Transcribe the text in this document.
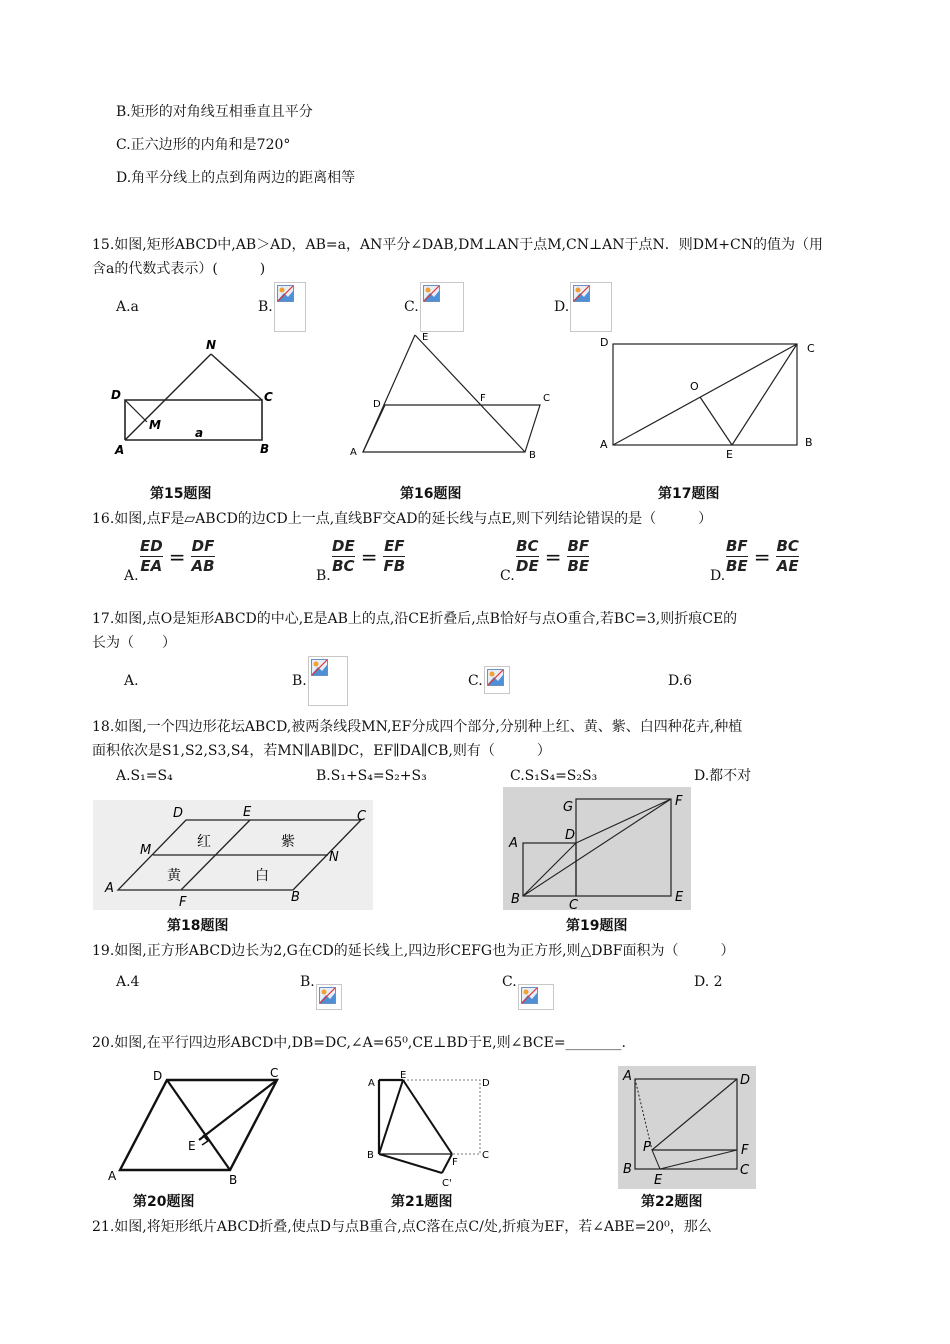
B.矩形的对角线互相垂直且平分
C.正六边形的内角和是720°
D.角平分线上的点到角两边的距离相等
15.如图,矩形ABCD中,AB＞AD，AB=a，AN平分∠DAB,DM⊥AN于点M,CN⊥AN于点N．则DM+CN的值为（用
含a的代数式表示）(　　　)
A.a	B.	C.	D.
N
D	C
M
a
A	B
E
D
F	C
A	B
D	C
O
A	B
E
第15题图	第16题图	第17题图
16.如图,点F是▱ABCD的边CD上一点,直线BF交AD的延长线与点E,则下列结论错误的是（　　　）
A.
ED
EA = DF
AB
B.
DE
BC = EF
FB
C.
BC
DE = BF
BE
D.
BF
BE = BC
AE
17.如图,点O是矩形ABCD的中心,E是AB上的点,沿CE折叠后,点B恰好与点O重合,若BC=3,则折痕CE的
长为（　　）
A.	B.	C.	D.6
18.如图,一个四边形花坛ABCD,被两条线段MN,EF分成四个部分,分别种上红、黄、紫、白四种花卉,种植
面积依次是S1,S2,S3,S4，若MN∥AB∥DC，EF∥DA∥CB,则有（　　　）
A.S₁=S₄	B.S₁+S₄=S₂+S₃	C.S₁S₄=S₂S₃	D.都不对
D	E	C
M	N
A
F	B
红	紫
黄	白
G	F
D
A
B	C
E
第18题图	第19题图
19.如图,正方形ABCD边长为2,G在CD的延长线上,四边形CEFG也为正方形,则△DBF面积为（　　　）
A.4	B.	C.	D. 2
20.如图,在平行四边形ABCD中,DB=DC,∠A=65⁰,CE⊥BD于E,则∠BCE=________.
D	C
E
A	B
A
E
D
B
F
C
C'
A	D
P	F
B
E
C
第20题图	第21题图	第22题图
21.如图,将矩形纸片ABCD折叠,使点D与点B重合,点C落在点C/处,折痕为EF，若∠ABE=20⁰，那么
